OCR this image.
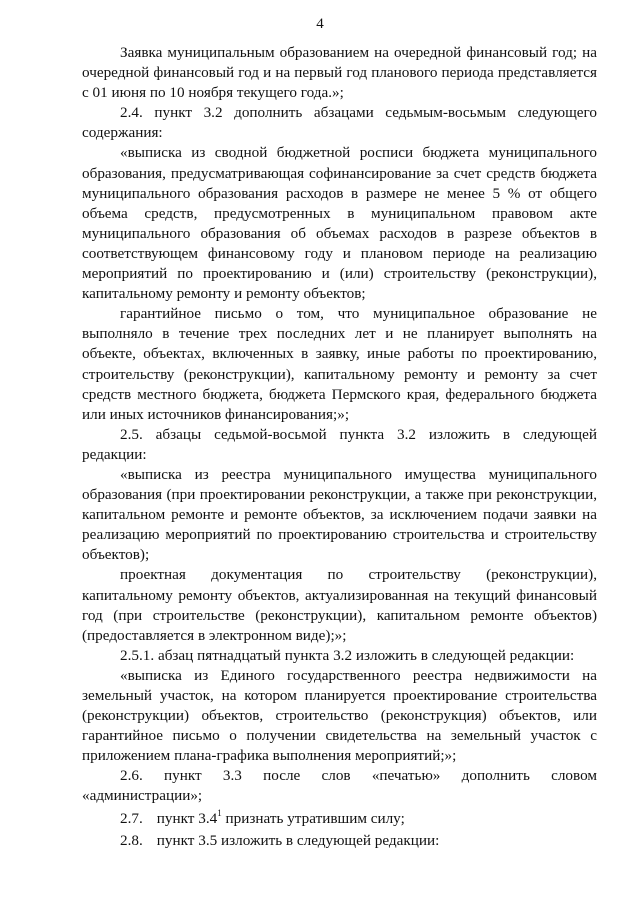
4

Заявка муниципальным образованием на очередной финансовый год; на очередной финансовый год и на первый год планового периода представляется с 01 июня по 10 ноября текущего года.»;

2.4. пункт 3.2 дополнить абзацами седьмым-восьмым следующего содержания:

«выписка из сводной бюджетной росписи бюджета муниципального образования, предусматривающая софинансирование за счет средств бюджета муниципального образования расходов в размере не менее 5 % от общего объема средств, предусмотренных в муниципальном правовом акте муниципального образования об объемах расходов в разрезе объектов в соответствующем финансовому году и плановом периоде на реализацию мероприятий по проектированию и (или) строительству (реконструкции), капитальному ремонту и ремонту объектов;

гарантийное письмо о том, что муниципальное образование не выполняло в течение трех последних лет и не планирует выполнять на объекте, объектах, включенных в заявку, иные работы по проектированию, строительству (реконструкции), капитальному ремонту и ремонту за счет средств местного бюджета, бюджета Пермского края, федерального бюджета или иных источников финансирования;»;

2.5. абзацы седьмой-восьмой пункта 3.2 изложить в следующей редакции:

«выписка из реестра муниципального имущества муниципального образования (при проектировании реконструкции, а также при реконструкции, капитальном ремонте и ремонте объектов, за исключением подачи заявки на реализацию мероприятий по проектированию строительства и строительству объектов);

проектная документация по строительству (реконструкции), капитальному ремонту объектов, актуализированная на текущий финансовый год (при строительстве (реконструкции), капитальном ремонте объектов) (предоставляется в электронном виде);»;

2.5.1. абзац пятнадцатый пункта 3.2 изложить в следующей редакции:

«выписка из Единого государственного реестра недвижимости на земельный участок, на котором планируется проектирование строительства (реконструкции) объектов, строительство (реконструкция) объектов, или гарантийное письмо о получении свидетельства на земельный участок с приложением плана-графика выполнения мероприятий;»;

2.6. пункт 3.3 после слов «печатью» дополнить словом «администрации»;

2.7. пункт $3.4^1$ признать утратившим силу;
2.8. пункт 3.5 изложить в следующей редакции:
